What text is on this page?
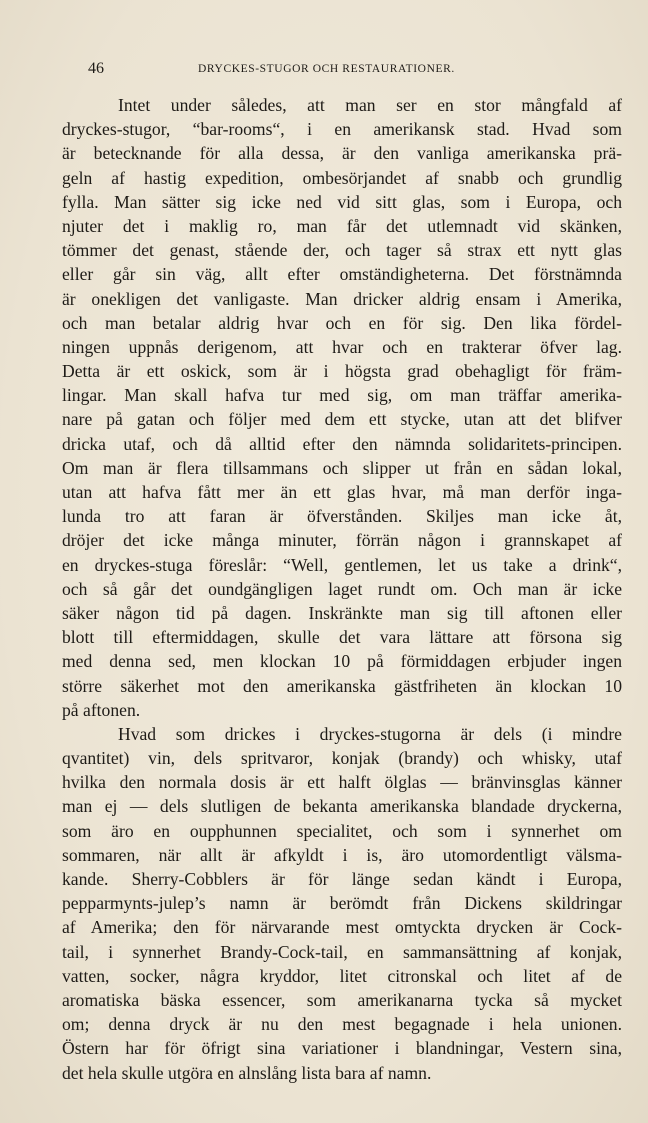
46	DRYCKES-STUGOR OCH RESTAURATIONER.
Intet under således, att man ser en stor mångfald af
dryckes-stugor, “bar-rooms“, i en amerikansk stad. Hvad som
är betecknande för alla dessa, är den vanliga amerikanska prä-
geln af hastig expedition, ombesörjandet af snabb och grundlig
fylla. Man sätter sig icke ned vid sitt glas, som i Europa, och
njuter det i maklig ro, man får det utlemnadt vid skänken,
tömmer det genast, stående der, och tager så strax ett nytt glas
eller går sin väg, allt efter omständigheterna. Det förstnämnda
är onekligen det vanligaste. Man dricker aldrig ensam i Amerika,
och man betalar aldrig hvar och en för sig. Den lika fördel-
ningen uppnås derigenom, att hvar och en trakterar öfver lag.
Detta är ett oskick, som är i högsta grad obehagligt för främ-
lingar. Man skall hafva tur med sig, om man träffar amerika-
nare på gatan och följer med dem ett stycke, utan att det blifver
dricka utaf, och då alltid efter den nämnda solidaritets-principen.
Om man är flera tillsammans och slipper ut från en sådan lokal,
utan att hafva fått mer än ett glas hvar, må man derför inga-
lunda tro att faran är öfverstånden. Skiljes man icke åt,
dröjer det icke många minuter, förrän någon i grannskapet af
en dryckes-stuga föreslår: “Well, gentlemen, let us take a drink“,
och så går det oundgängligen laget rundt om. Och man är icke
säker någon tid på dagen. Inskränkte man sig till aftonen eller
blott till eftermiddagen, skulle det vara lättare att försona sig
med denna sed, men klockan 10 på förmiddagen erbjuder ingen
större säkerhet mot den amerikanska gästfriheten än klockan 10
på aftonen.
Hvad som drickes i dryckes-stugorna är dels (i mindre
qvantitet) vin, dels spritvaror, konjak (brandy) och whisky, utaf
hvilka den normala dosis är ett halft ölglas — bränvinsglas känner
man ej — dels slutligen de bekanta amerikanska blandade dryckerna,
som äro en oupphunnen specialitet, och som i synnerhet om
sommaren, när allt är afkyldt i is, äro utomordentligt välsma-
kande. Sherry-Cobblers är för länge sedan kändt i Europa,
pepparmynts-julep’s namn är berömdt från Dickens skildringar
af Amerika; den för närvarande mest omtyckta drycken är Cock-
tail, i synnerhet Brandy-Cock-tail, en sammansättning af konjak,
vatten, socker, några kryddor, litet citronskal och litet af de
aromatiska bäska essencer, som amerikanarna tycka så mycket
om; denna dryck är nu den mest begagnade i hela unionen.
Östern har för öfrigt sina variationer i blandningar, Vestern sina,
det hela skulle utgöra en alnslång lista bara af namn.
